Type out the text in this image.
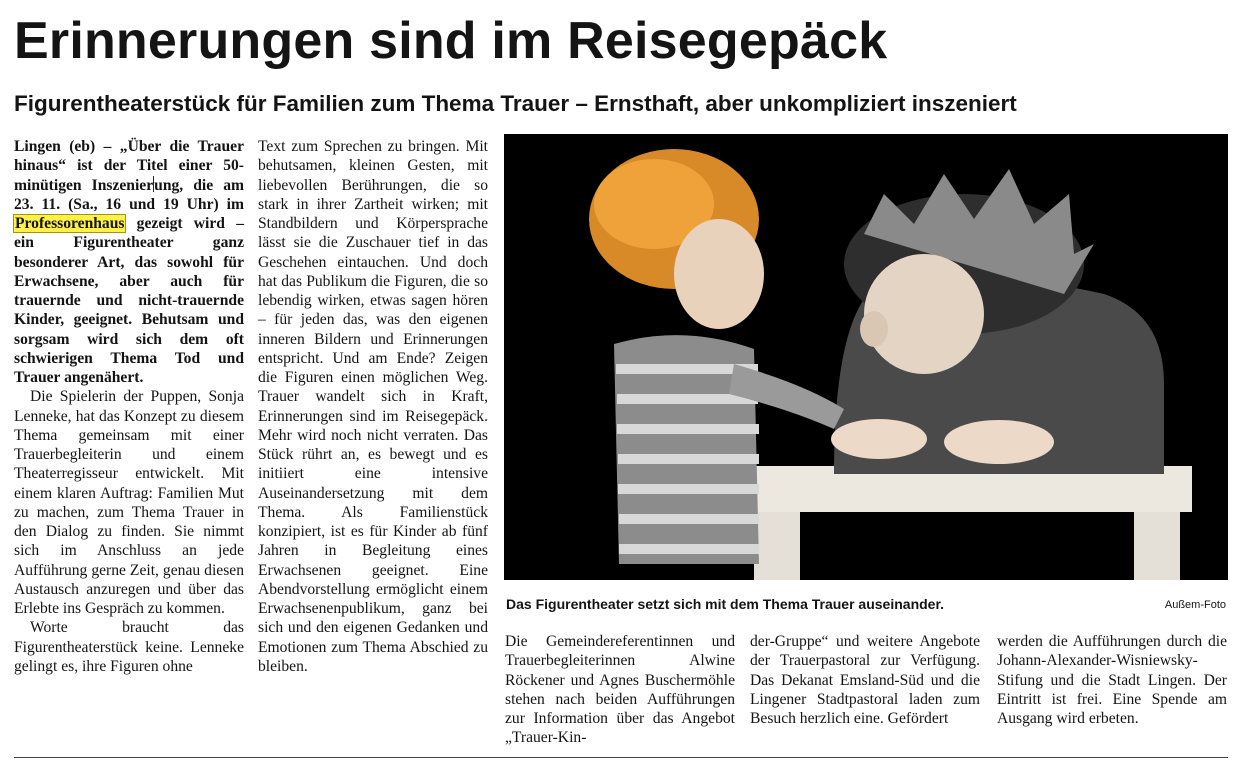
Erinnerungen sind im Reisegepäck
Figurentheaterstück für Familien zum Thema Trauer – Ernsthaft, aber unkompliziert inszeniert

Lingen (eb) – „Über die Trauer hinaus“ ist der Titel einer 50-minütigen Inszenierung, die am 23. 11. (Sa., 16 und 19 Uhr) im Professorenhaus gezeigt wird – ein Figurentheater ganz besonderer Art, das sowohl für Erwachsene, aber auch für trauernde und nicht-trauernde Kinder, geeignet. Behutsam und sorgsam wird sich dem oft schwierigen Thema Tod und Trauer angenähert.

Die Spielerin der Puppen, Sonja Lenneke, hat das Konzept zu diesem Thema gemeinsam mit einer Trauerbegleiterin und einem Theaterregisseur entwickelt. Mit einem klaren Auftrag: Familien Mut zu machen, zum Thema Trauer in den Dialog zu finden. Sie nimmt sich im Anschluss an jede Aufführung gerne Zeit, genau diesen Austausch anzuregen und über das Erlebte ins Gespräch zu kommen.

Worte braucht das Figurentheaterstück keine. Lenneke gelingt es, ihre Figuren ohne

Text zum Sprechen zu bringen. Mit behutsamen, kleinen Gesten, mit liebevollen Berührungen, die so stark in ihrer Zartheit wirken; mit Standbildern und Körpersprache lässt sie die Zuschauer tief in das Geschehen eintauchen. Und doch hat das Publikum die Figuren, die so lebendig wirken, etwas sagen hören – für jeden das, was den eigenen inneren Bildern und Erinnerungen entspricht. Und am Ende? Zeigen die Figuren einen möglichen Weg. Trauer wandelt sich in Kraft, Erinnerungen sind im Reisegepäck. Mehr wird noch nicht verraten. Das Stück rührt an, es bewegt und es initiiert eine intensive Auseinandersetzung mit dem Thema. Als Familienstück konzipiert, ist es für Kinder ab fünf Jahren in Begleitung eines Erwachsenen geeignet. Eine Abendvorstellung ermöglicht einem Erwachsenenpublikum, ganz bei sich und den eigenen Gedanken und Emotionen zum Thema Abschied zu bleiben.

Das Figurentheater setzt sich mit dem Thema Trauer auseinander.	Außem-Foto

Die Gemeindereferentinnen und Trauerbegleiterinnen Alwine Röckener und Agnes Buschermöhle stehen nach beiden Aufführungen zur Information über das Angebot „Trauer-Kin-

der-Gruppe“ und weitere Angebote der Trauerpastoral zur Verfügung. Das Dekanat Emsland-Süd und die Lingener Stadtpastoral laden zum Besuch herzlich eine. Gefördert

werden die Aufführungen durch die Johann-Alexander-Wisniewsky-Stifung und die Stadt Lingen. Der Eintritt ist frei. Eine Spende am Ausgang wird erbeten.
